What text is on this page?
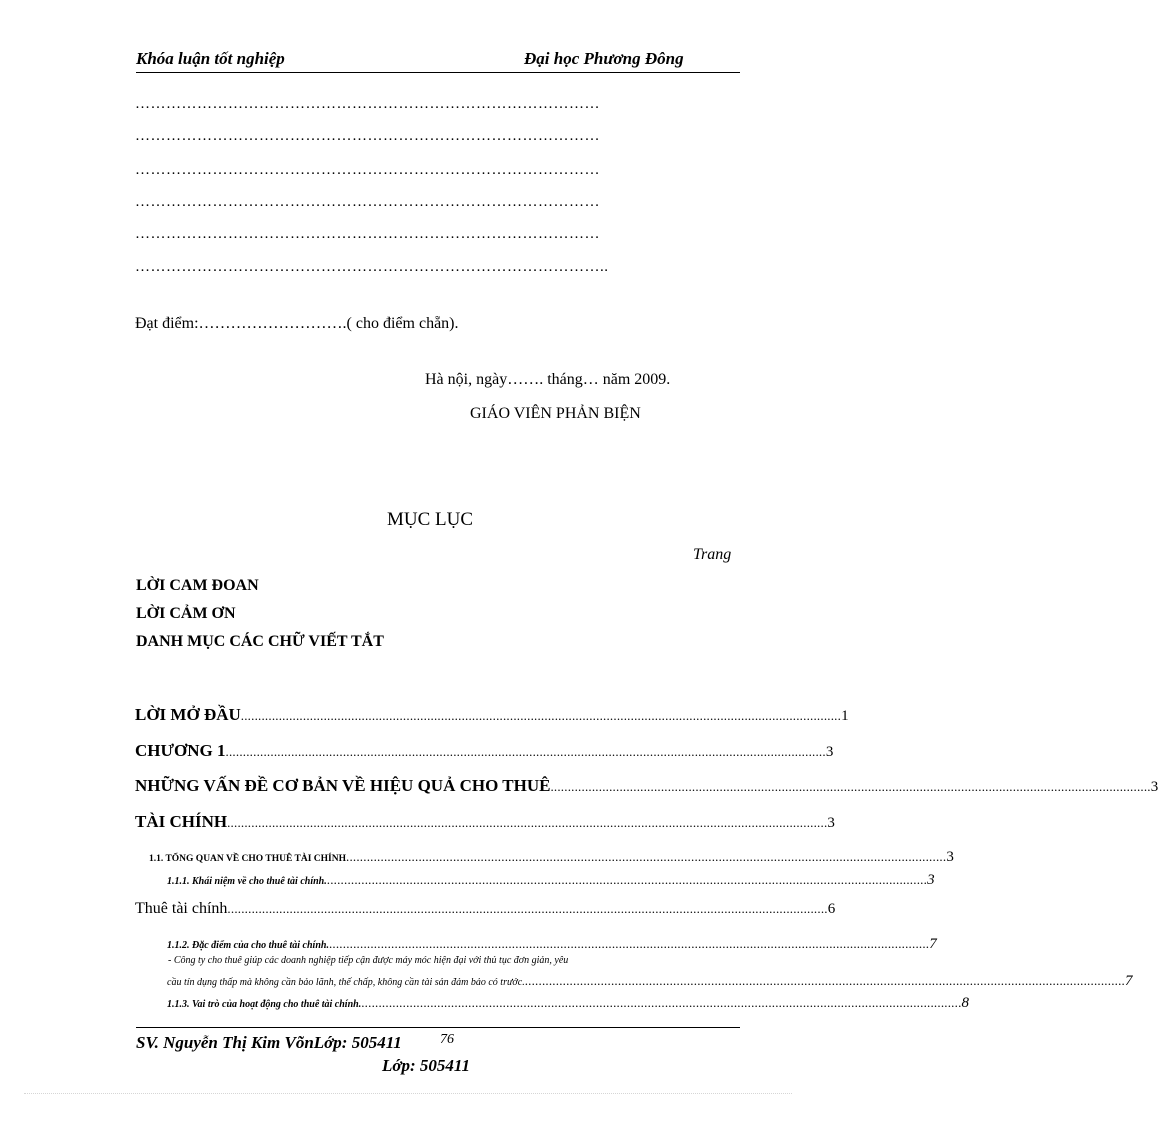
Khóa luận tốt nghiệp	Đại học Phương Đông
………………………………………………………………………………
………………………………………………………………………………
………………………………………………………………………………
………………………………………………………………………………
………………………………………………………………………………
………………………………………………………………………………..
Đạt điểm:……………………….( cho điểm chẵn).
Hà nội, ngày……. tháng… năm 2009.
GIÁO VIÊN PHẢN BIỆN
MỤC LỤC
Trang
LỜI CAM ĐOAN
LỜI CẢM ƠN
DANH MỤC CÁC CHỮ VIẾT TẮT
LỜI MỞ ĐẦU .............................................................................................................................................................................. 1
CHƯƠNG 1 .............................................................................................................................................................................. 3
NHỮNG VẤN ĐỀ CƠ BẢN VỀ HIỆU QUẢ CHO THUÊ .............................................................................................................................................................................. 3
TÀI CHÍNH .............................................................................................................................................................................. 3
1.1. TỔNG QUAN VỀ CHO THUÊ TÀI CHÍNH .............................................................................................................................................................................. 3
1.1.1. Khái niệm về cho thuê tài chính. .............................................................................................................................................................................. 3
Thuê tài chính .............................................................................................................................................................................. 6
1.1.2. Đặc điểm của cho thuê tài chính. .............................................................................................................................................................................. 7
- Công ty cho thuê giúp các doanh nghiệp tiếp cận được máy móc hiện đại với thủ tục đơn giản, yêu
cầu tín dụng thấp mà không cần bảo lãnh, thế chấp, không cần tài sản đảm bảo có trước. .............................................................................................................................................................................. 7
1.1.3. Vai trò của hoạt động cho thuê tài chính. .............................................................................................................................................................................. 8
SV. Nguyễn Thị Kim VõnLớp: 505411	76
Lớp: 505411
